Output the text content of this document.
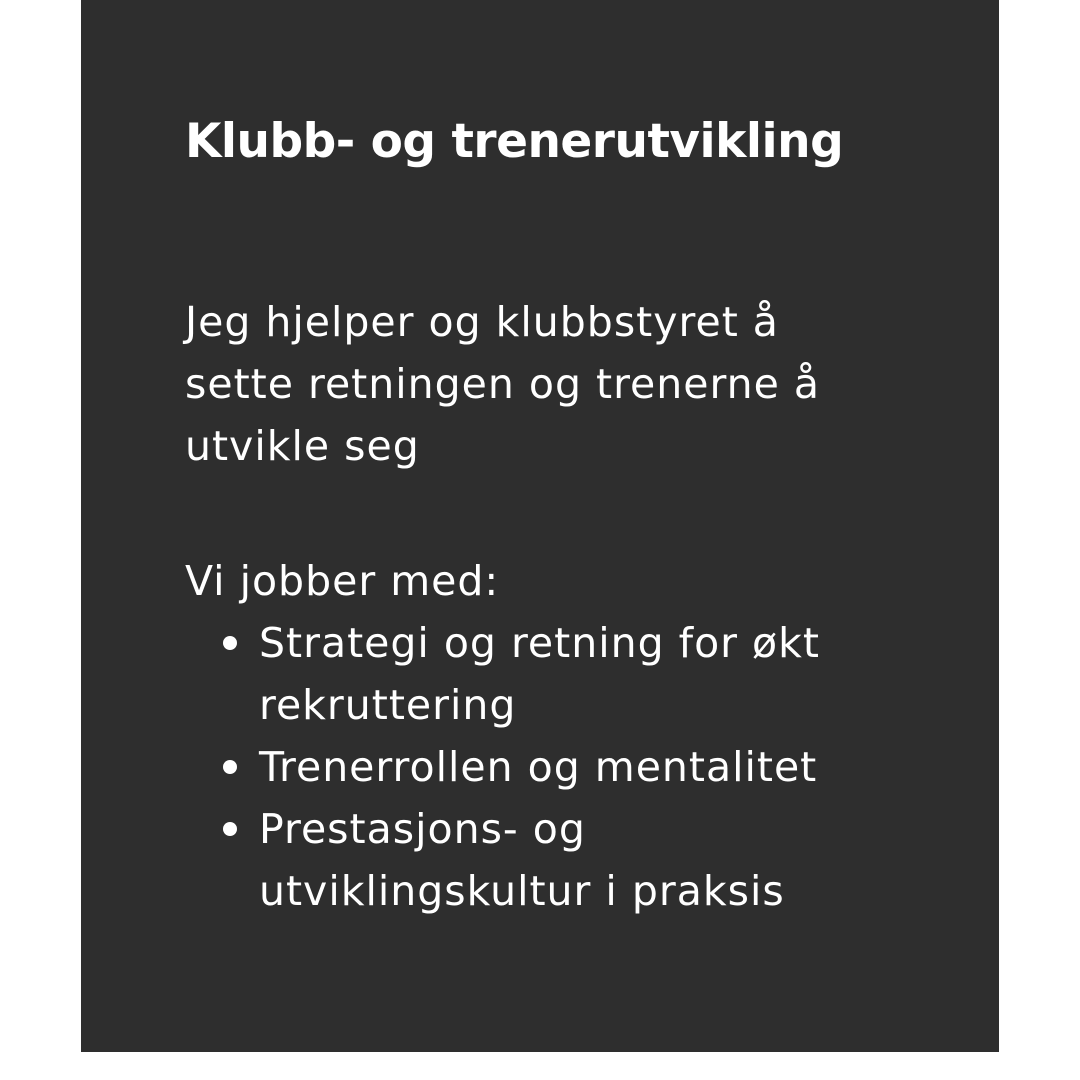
Klubb- og trenerutvikling

Jeg hjelper og klubbstyret å
sette retningen og trenerne å
utvikle seg

Vi jobber med:

Strategi og retning for økt
rekruttering
Trenerrollen og mentalitet
Prestasjons- og
utviklingskultur i praksis
